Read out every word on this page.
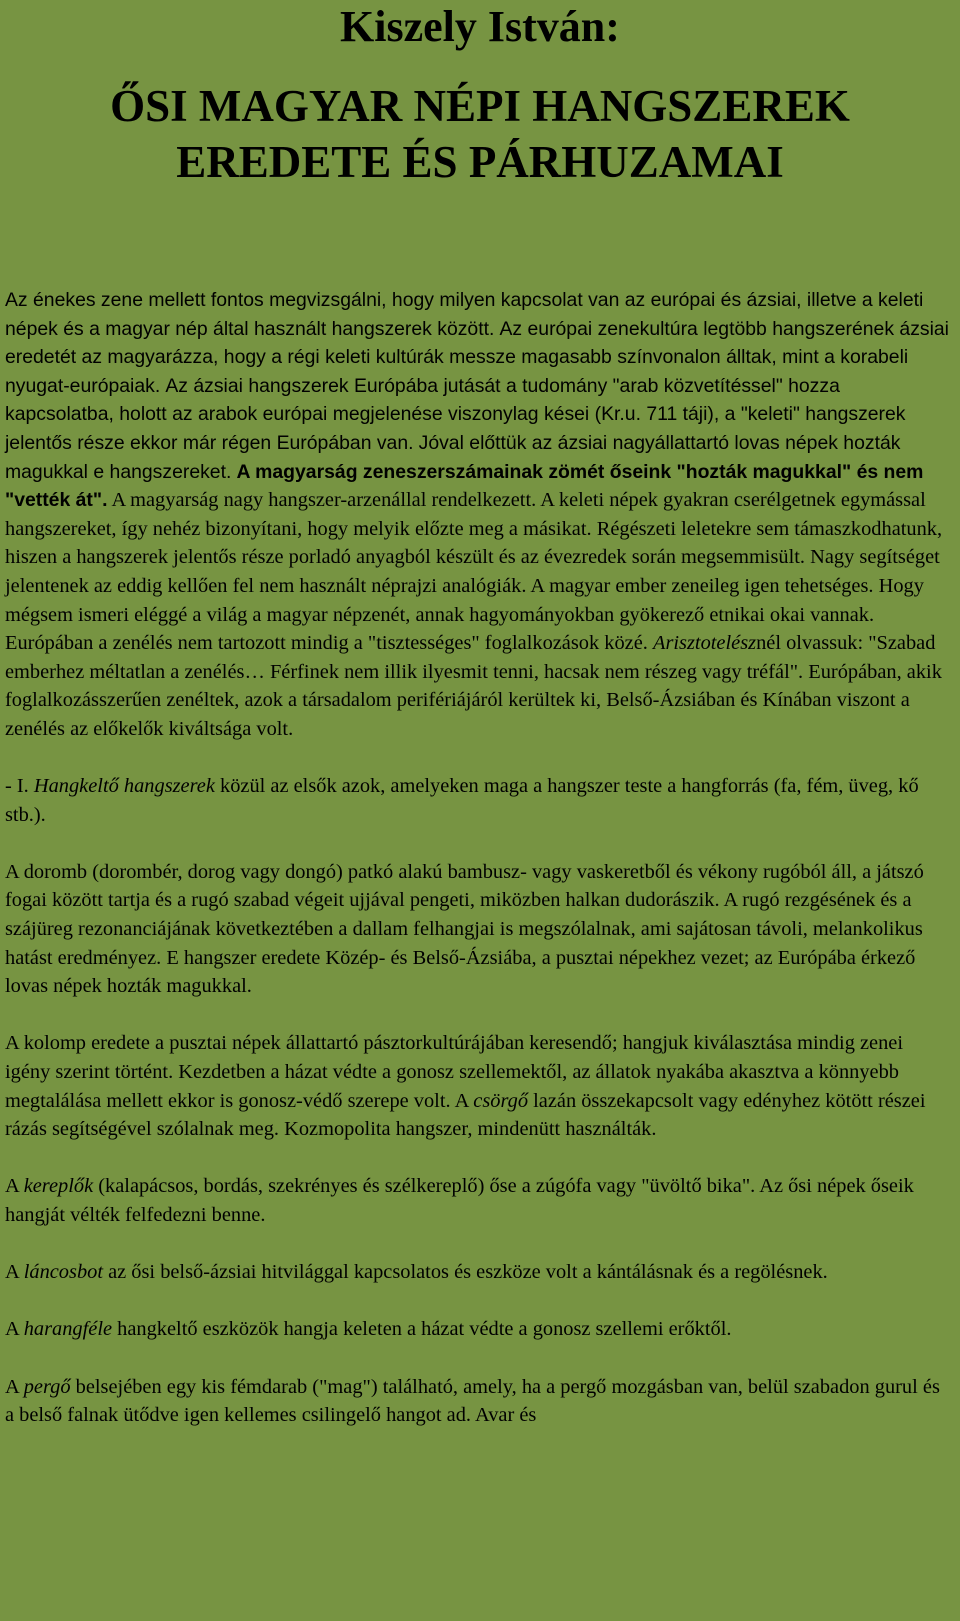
Kiszely István:
ŐSI MAGYAR NÉPI HANGSZEREK
EREDETE ÉS PÁRHUZAMAI

Az énekes zene mellett fontos megvizsgálni, hogy milyen kapcsolat van az európai és ázsiai, illetve a keleti népek és a magyar nép által használt hangszerek között. Az európai zenekultúra legtöbb hangszerének ázsiai eredetét az magyarázza, hogy a régi keleti kultúrák messze magasabb színvonalon álltak, mint a korabeli nyugat-európaiak. Az ázsiai hangszerek Európába jutását a tudomány "arab közvetítéssel" hozza kapcsolatba, holott az arabok európai megjelenése viszonylag kései (Kr.u. 711 táji), a "keleti" hangszerek jelentős része ekkor már régen Európában van. Jóval előttük az ázsiai nagyállattartó lovas népek hozták magukkal e hangszereket. A magyarság zeneszerszámainak zömét őseink "hozták magukkal" és nem "vették át". A magyarság nagy hangszer-arzenállal rendelkezett. A keleti népek gyakran cserélgetnek egymással hangszereket, így nehéz bizonyítani, hogy melyik előzte meg a másikat. Régészeti leletekre sem támaszkodhatunk, hiszen a hangszerek jelentős része porladó anyagból készült és az évezredek során megsemmisült. Nagy segítséget jelentenek az eddig kellően fel nem használt néprajzi analógiák. A magyar ember zeneileg igen tehetséges. Hogy mégsem ismeri eléggé a világ a magyar népzenét, annak hagyományokban gyökerező etnikai okai vannak. Európában a zenélés nem tartozott mindig a "tisztességes" foglalkozások közé. Arisztotelésznél olvassuk: "Szabad emberhez méltatlan a zenélés… Férfinek nem illik ilyesmit tenni, hacsak nem részeg vagy tréfál". Európában, akik foglalkozásszerűen zenéltek, azok a társadalom perifériájáról kerültek ki, Belső-Ázsiában és Kínában viszont a zenélés az előkelők kiváltsága volt.

- I. Hangkeltő hangszerek közül az elsők azok, amelyeken maga a hangszer teste a hangforrás (fa, fém, üveg, kő stb.).

A doromb (dorombér, dorog vagy dongó) patkó alakú bambusz- vagy vaskeretből és vékony rugóból áll, a játszó fogai között tartja és a rugó szabad végeit ujjával pengeti, miközben halkan dudorászik. A rugó rezgésének és a szájüreg rezonanciájának következtében a dallam felhangjai is megszólalnak, ami sajátosan távoli, melankolikus hatást eredményez. E hangszer eredete Közép- és Belső-Ázsiába, a pusztai népekhez vezet; az Európába érkező lovas népek hozták magukkal.

A kolomp eredete a pusztai népek állattartó pásztorkultúrájában keresendő; hangjuk kiválasztása mindig zenei igény szerint történt. Kezdetben a házat védte a gonosz szellemektől, az állatok nyakába akasztva a könnyebb megtalálása mellett ekkor is gonosz-védő szerepe volt. A csörgő lazán összekapcsolt vagy edényhez kötött részei rázás segítségével szólalnak meg. Kozmopolita hangszer, mindenütt használták.

A kereplők (kalapácsos, bordás, szekrényes és szélkereplő) őse a zúgófa vagy "üvöltő bika". Az ősi népek őseik hangját vélték felfedezni benne.

A láncosbot az ősi belső-ázsiai hitvilággal kapcsolatos és eszköze volt a kántálásnak és a regölésnek.

A harangféle hangkeltő eszközök hangja keleten a házat védte a gonosz szellemi erőktől.

A pergő belsejében egy kis fémdarab ("mag") található, amely, ha a pergő mozgásban van, belül szabadon gurul és a belső falnak ütődve igen kellemes csilingelő hangot ad. Avar és
